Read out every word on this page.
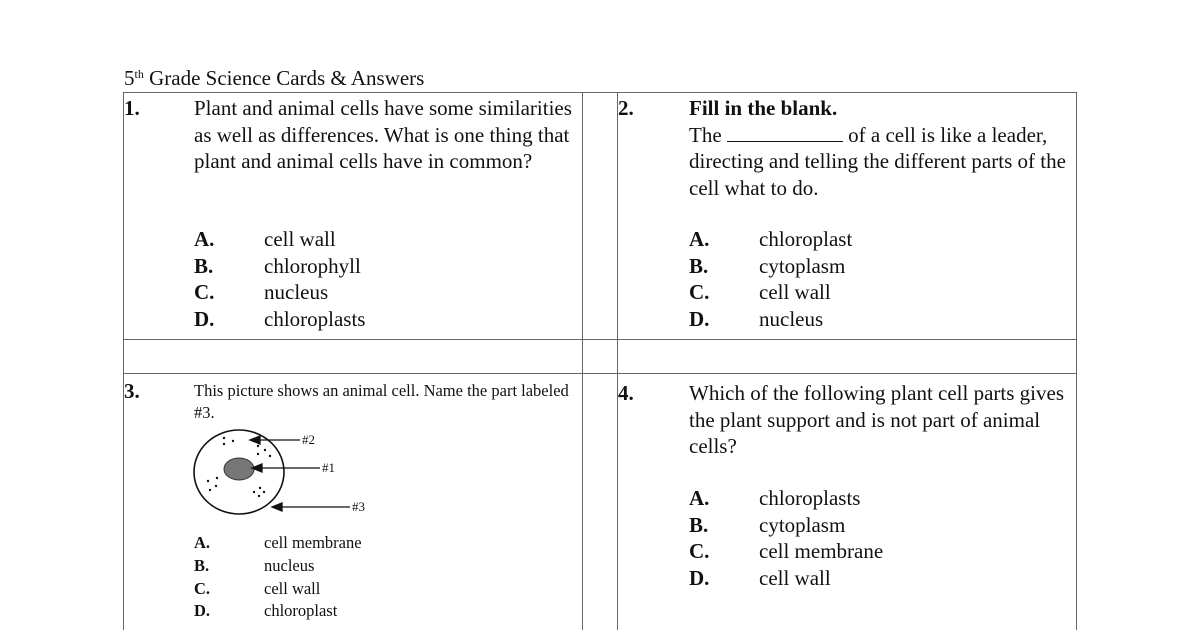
5th Grade Science Cards & Answers
1.	Plant and animal cells have some similarities as well as differences. What is one thing that plant and animal cells have in common?
A.	cell wall
B.	chlorophyll
C.	nucleus
D.	chloroplasts
2.	Fill in the blank.
The	of a cell is like a leader, directing and telling the different parts of the cell what to do.
A.	chloroplast
B.	cytoplasm
C.	cell wall
D.	nucleus
3.	This picture shows an animal cell. Name the part labeled #3.
#2
#1
#3
A.	cell membrane
B.	nucleus
C.	cell wall
D.	chloroplast
4.	Which of the following plant cell parts gives the plant support and is not part of animal cells?
A.	chloroplasts
B.	cytoplasm
C.	cell membrane
D.	cell wall
